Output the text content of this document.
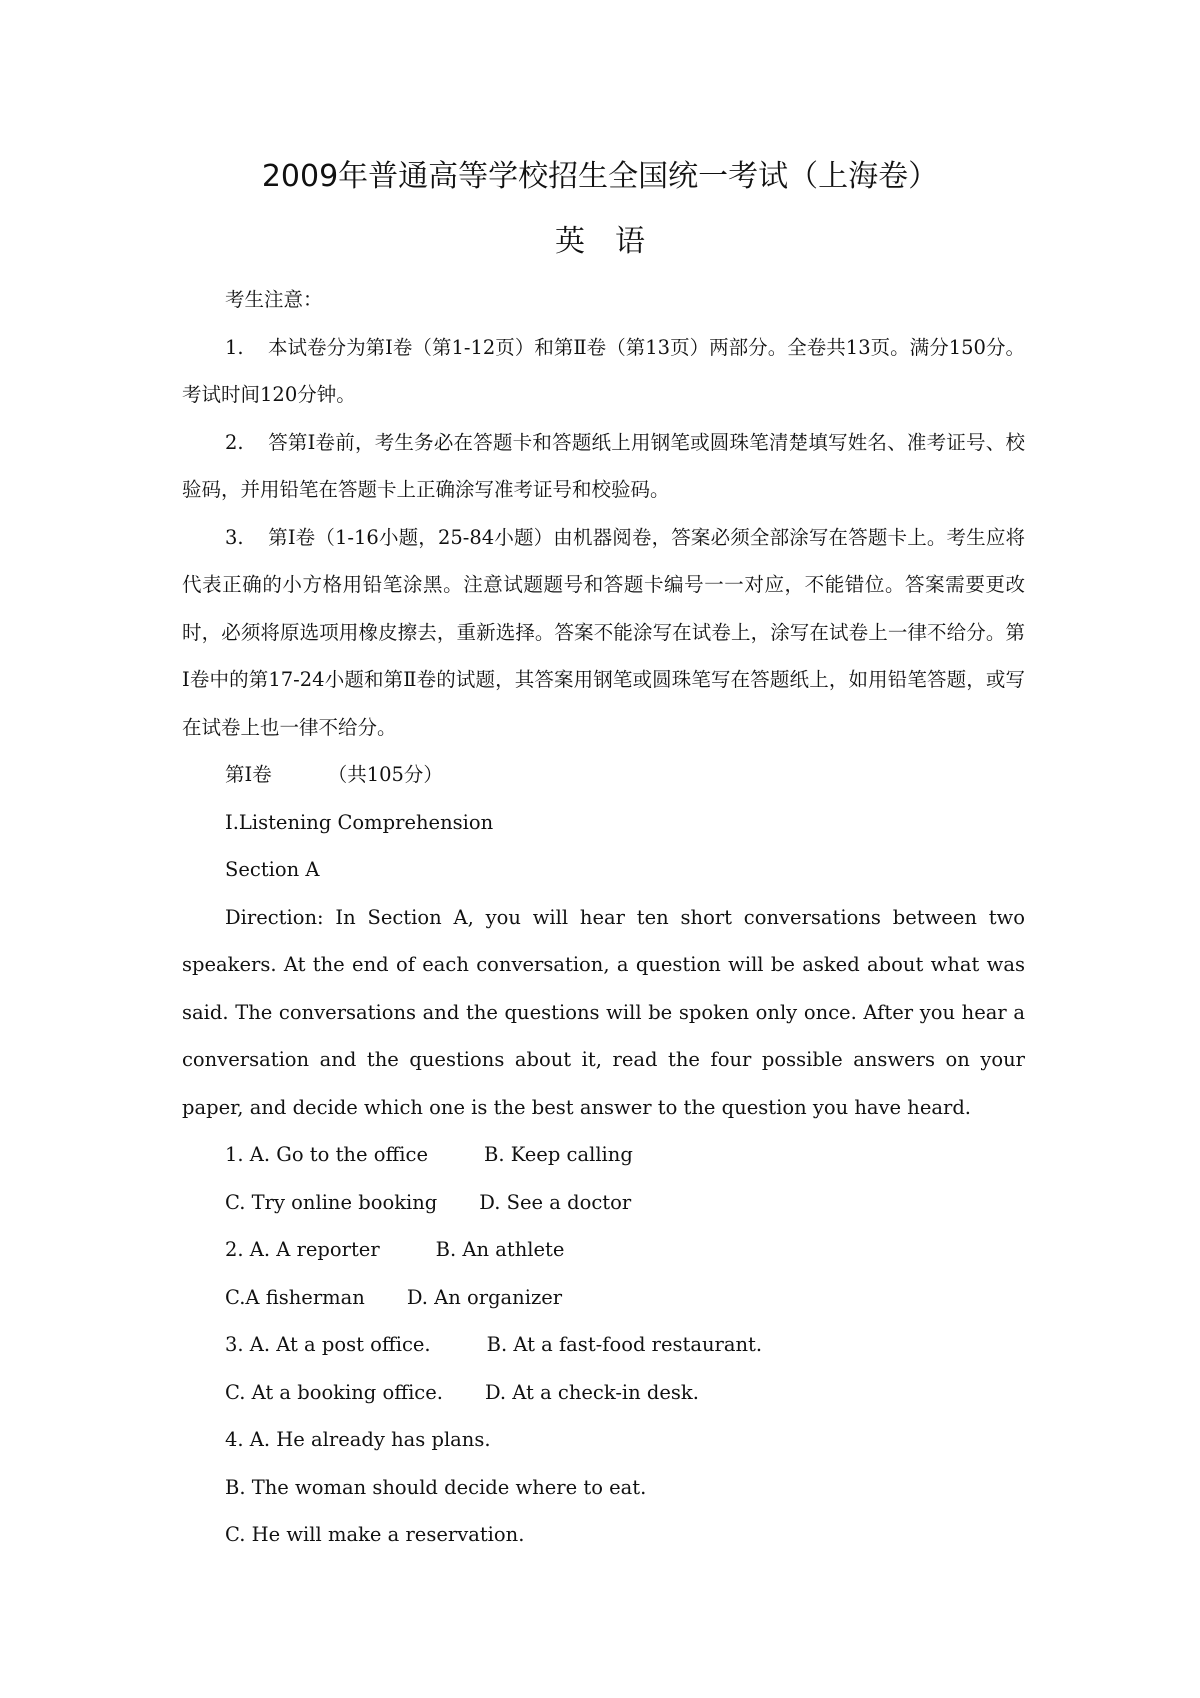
2009年普通高等学校招生全国统一考试（上海卷）
英语

考生注意：

1. 本试卷分为第Ⅰ卷（第1-12页）和第Ⅱ卷（第13页）两部分。全卷共13页。满分150分。考试时间120分钟。

2. 答第Ⅰ卷前，考生务必在答题卡和答题纸上用钢笔或圆珠笔清楚填写姓名、准考证号、校验码，并用铅笔在答题卡上正确涂写准考证号和校验码。

3. 第Ⅰ卷（1-16小题，25-84小题）由机器阅卷，答案必须全部涂写在答题卡上。考生应将代表正确的小方格用铅笔涂黑。注意试题题号和答题卡编号一一对应，不能错位。答案需要更改时，必须将原选项用橡皮擦去，重新选择。答案不能涂写在试卷上，涂写在试卷上一律不给分。第Ⅰ卷中的第17-24小题和第Ⅱ卷的试题，其答案用钢笔或圆珠笔写在答题纸上，如用铅笔答题，或写在试卷上也一律不给分。

第Ⅰ卷	（共105分）

Ⅰ.Listening Comprehension

Section A

Direction: In Section A, you will hear ten short conversations between two speakers. At the end of each conversation, a question will be asked about what was said. The conversations and the questions will be spoken only once. After you hear a conversation and the questions about it, read the four possible answers on your paper, and decide which one is the best answer to the question you have heard.

1. A. Go to the office	B. Keep calling

C. Try online booking D. See a doctor

2. A. A reporter	B. An athlete

C.A fisherman D. An organizer

3. A. At a post office.	B. At a fast-food restaurant.

C. At a booking office. D. At a check-in desk.

4. A. He already has plans.

B. The woman should decide where to eat.

C. He will make a reservation.
